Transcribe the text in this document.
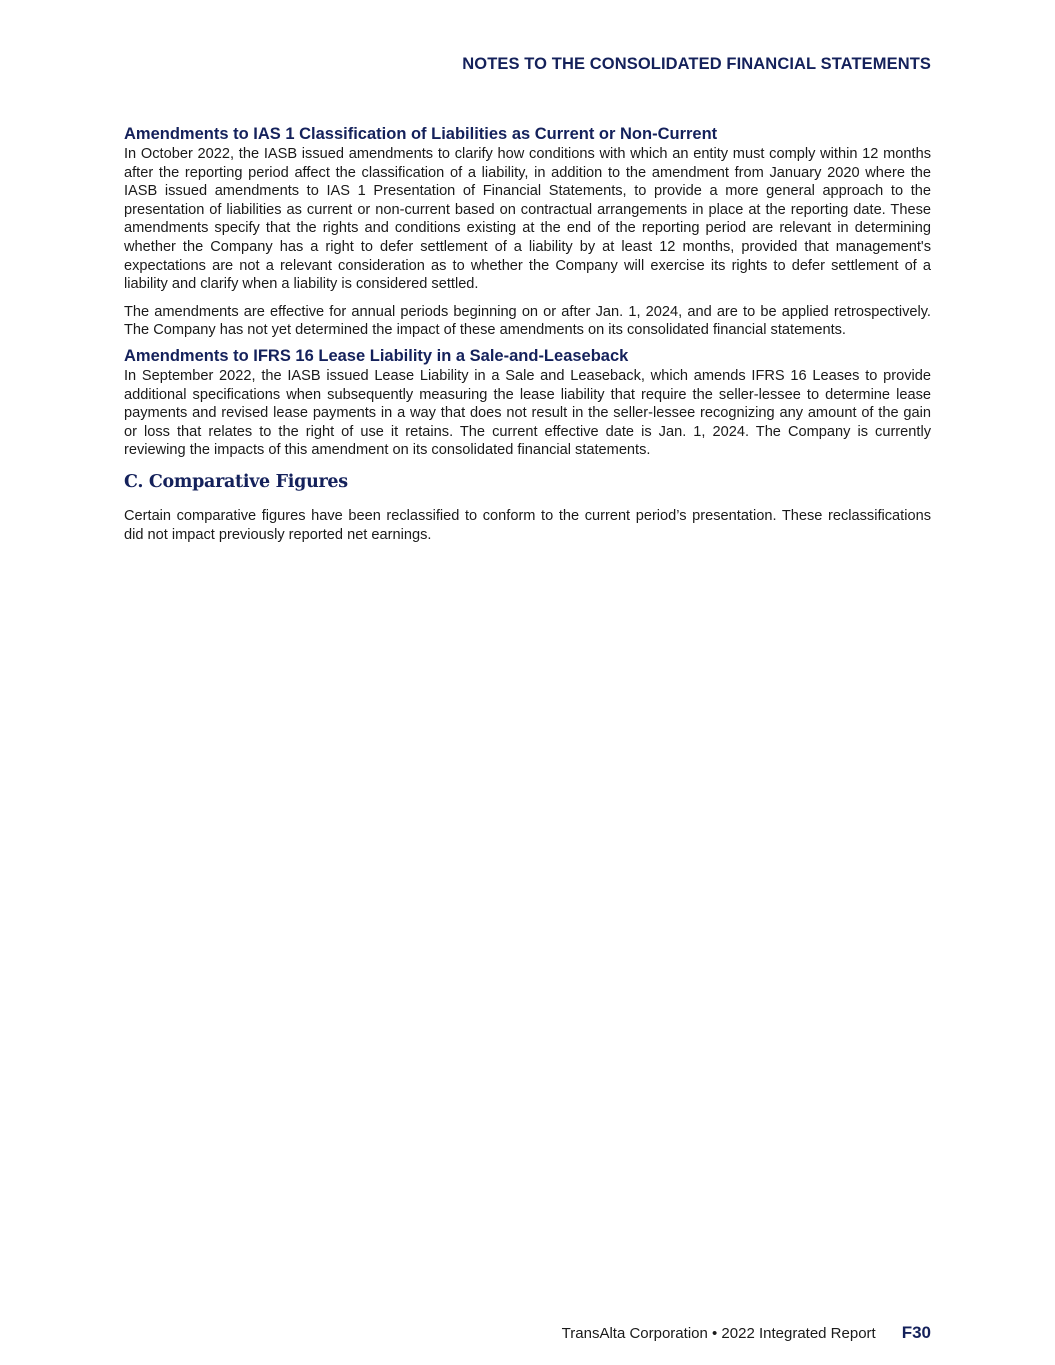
NOTES TO THE CONSOLIDATED FINANCIAL STATEMENTS
Amendments to IAS 1 Classification of Liabilities as Current or Non-Current

In October 2022, the IASB issued amendments to clarify how conditions with which an entity must comply within 12 months after the reporting period affect the classification of a liability, in addition to the amendment from January 2020 where the IASB issued amendments to IAS 1 Presentation of Financial Statements, to provide a more general approach to the presentation of liabilities as current or non-current based on contractual arrangements in place at the reporting date. These amendments specify that the rights and conditions existing at the end of the reporting period are relevant in determining whether the Company has a right to defer settlement of a liability by at least 12 months, provided that management's expectations are not a relevant consideration as to whether the Company will exercise its rights to defer settlement of a liability and clarify when a liability is considered settled.

The amendments are effective for annual periods beginning on or after Jan. 1, 2024, and are to be applied retrospectively. The Company has not yet determined the impact of these amendments on its consolidated financial statements.

Amendments to IFRS 16 Lease Liability in a Sale-and-Leaseback

In September 2022, the IASB issued Lease Liability in a Sale and Leaseback, which amends IFRS 16 Leases to provide additional specifications when subsequently measuring the lease liability that require the seller-lessee to determine lease payments and revised lease payments in a way that does not result in the seller-lessee recognizing any amount of the gain or loss that relates to the right of use it retains. The current effective date is Jan. 1, 2024. The Company is currently reviewing the impacts of this amendment on its consolidated financial statements.

C. Comparative Figures

Certain comparative figures have been reclassified to conform to the current period’s presentation. These reclassifications did not impact previously reported net earnings.

TransAlta Corporation • 2022 Integrated Report F30
